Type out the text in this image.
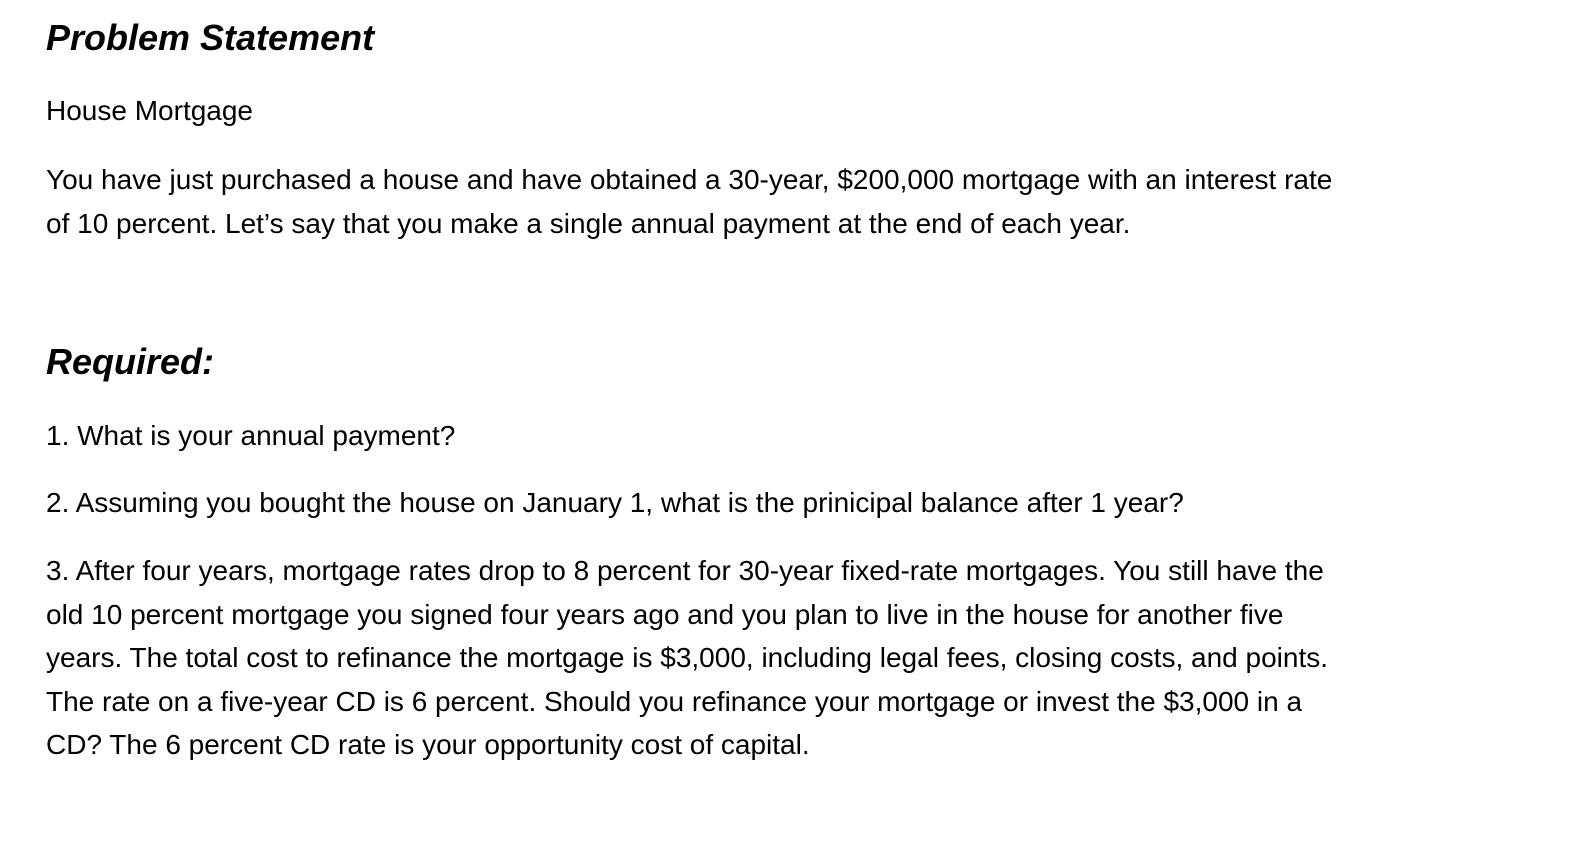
Problem Statement

House Mortgage

You have just purchased a house and have obtained a 30-year, $200,000 mortgage with an interest rate
of 10 percent. Let’s say that you make a single annual payment at the end of each year.

Required:

1. What is your annual payment?

2. Assuming you bought the house on January 1, what is the prinicipal balance after 1 year?

3. After four years, mortgage rates drop to 8 percent for 30-year fixed-rate mortgages. You still have the
old 10 percent mortgage you signed four years ago and you plan to live in the house for another five
years. The total cost to refinance the mortgage is $3,000, including legal fees, closing costs, and points.
The rate on a five-year CD is 6 percent. Should you refinance your mortgage or invest the $3,000 in a
CD? The 6 percent CD rate is your opportunity cost of capital.
